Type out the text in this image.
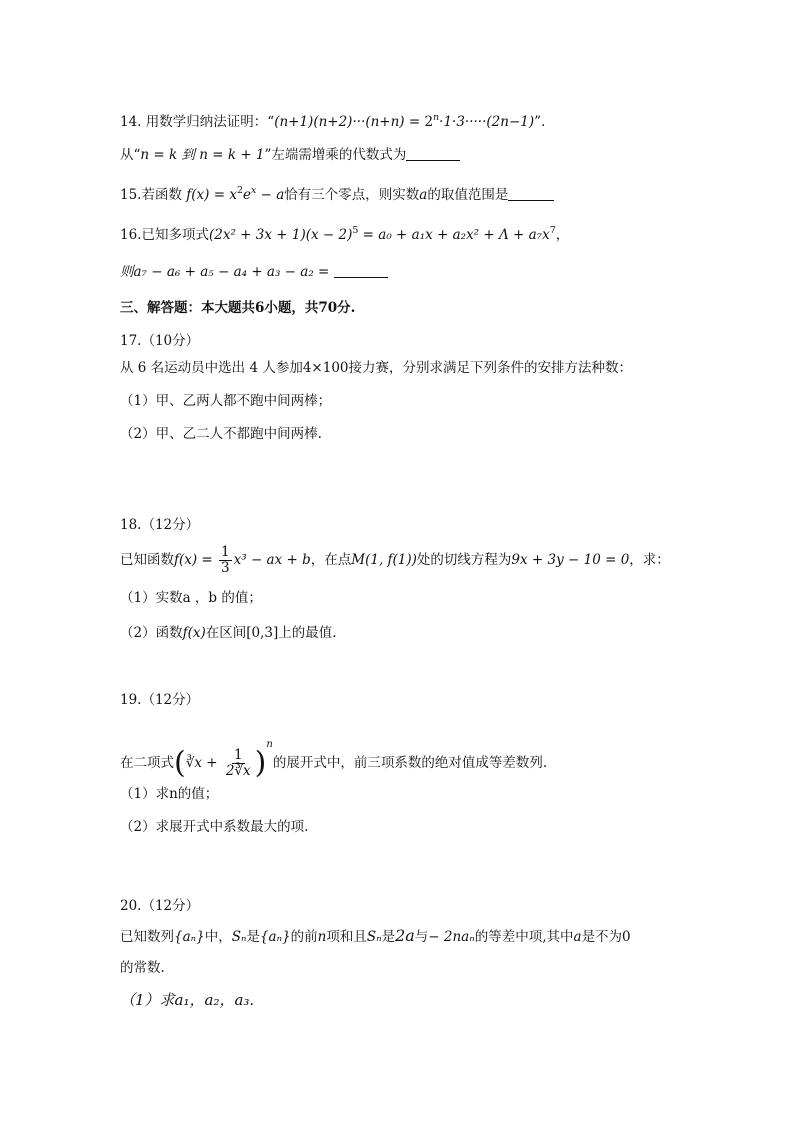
14. 用数学归纳法证明：“$(n+1)(n+2)\cdot\cdot\cdot(n+n) = 2^n\cdot 1\cdot 3\cdot\cdot\cdot\cdot\cdot(2n-1)$”.
从“n = k 到 n = k + 1”左端需增乘的代数式为
15.若函数 $f(x) = x^2e^x - a$恰有三个零点，则实数a的取值范围是
16.已知多项式$(2x^2 + 3x + 1)(x - 2)^5 = a_0 + a_1x + a_2x^2 + \Lambda + a_7x^7$，
则a₇ − a₆ + a₅ − a₄ + a₃ − a₂ =
三、解答题：本大题共6小题，共70分.
17.（10分）
从 6 名运动员中选出 4 人参加4×100接力赛，分别求满足下列条件的安排方法种数：
（1）甲、乙两人都不跑中间两棒；
（2）甲、乙二人不都跑中间两棒.
18.（12分）
已知函数$f(x) = \frac{1}{3} x^3$ − ax + b，在点M(1, f(1))处的切线方程为9x + 3y − 10 = 0，求：
（1）实数a ，b 的值；
（2）函数f(x)在区间[0,3]上的最值.
19.（12分）
在二项式(∛x + $\frac{1}{2∛x} )^n$的展开式中，前三项系数的绝对值成等差数列.
（1）求n的值；
（2）求展开式中系数最大的项.
20.（12分）
已知数列{aₙ}中，Sₙ是{aₙ}的前n项和且Sₙ是2a与− 2naₙ的等差中项,其中a是不为0
的常数.
（1）求a₁，a₂，a₃.
